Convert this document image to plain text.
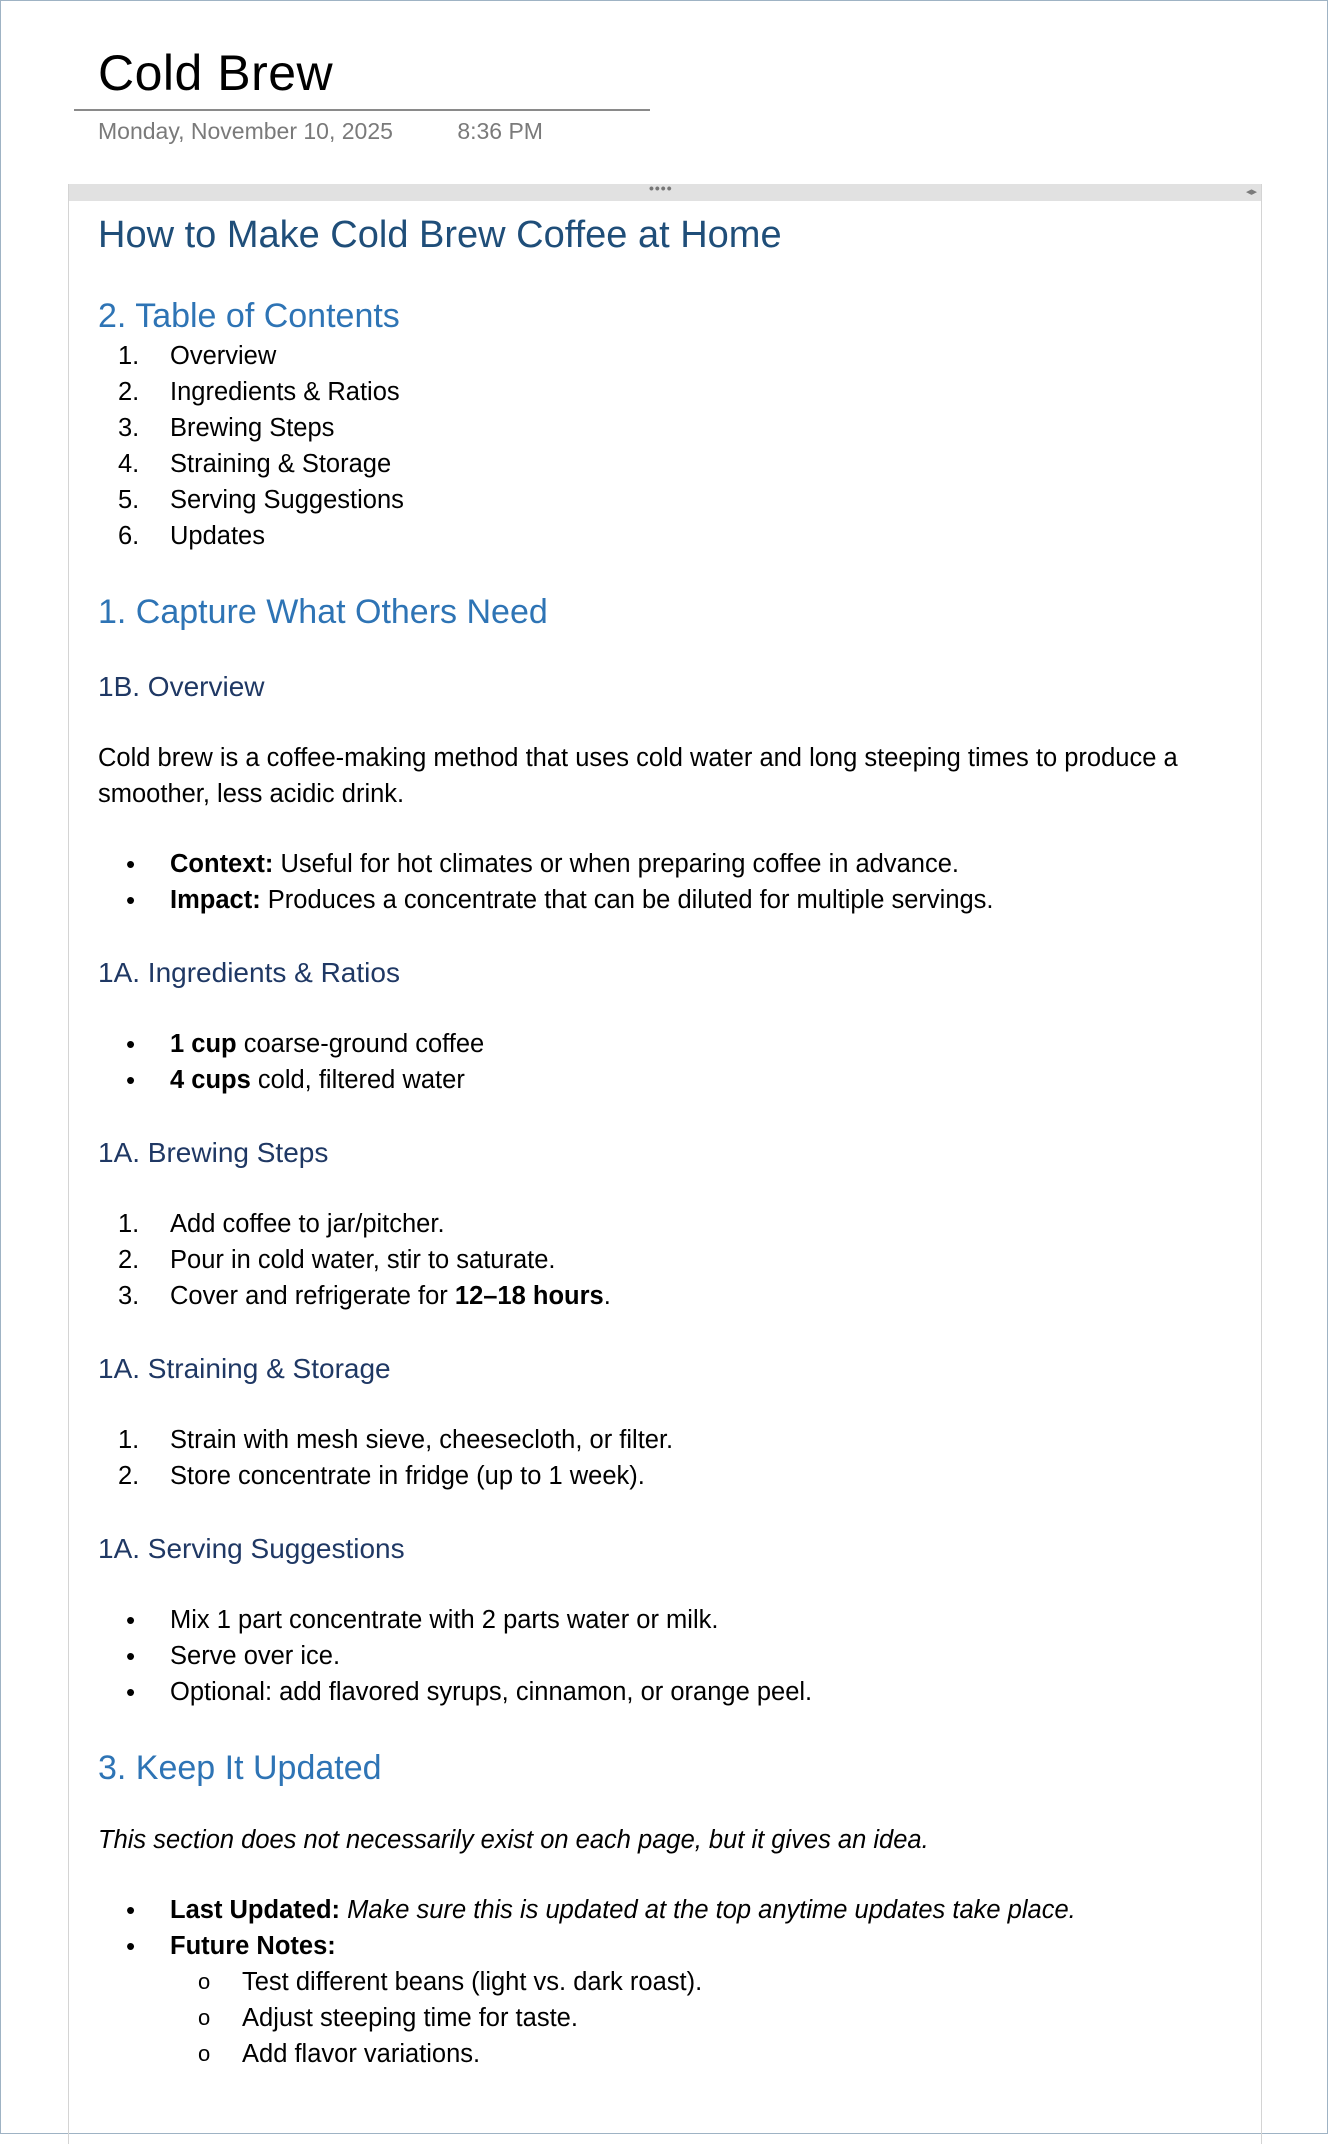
Cold Brew
Monday, November 10, 2025	8:36 PM
••••	◂▸
How to Make Cold Brew Coffee at Home
2. Table of Contents
1. Overview
2. Ingredients & Ratios
3. Brewing Steps
4. Straining & Storage
5. Serving Suggestions
6. Updates
1. Capture What Others Need
1B. Overview

Cold brew is a coffee-making method that uses cold water and long steeping times to produce a smoother, less acidic drink.

• Context: Useful for hot climates or when preparing coffee in advance.
• Impact: Produces a concentrate that can be diluted for multiple servings.
1A. Ingredients & Ratios
• 1 cup coarse-ground coffee
• 4 cups cold, filtered water
1A. Brewing Steps
1. Add coffee to jar/pitcher.
2. Pour in cold water, stir to saturate.
3. Cover and refrigerate for 12–18 hours.
1A. Straining & Storage
1. Strain with mesh sieve, cheesecloth, or filter.
2. Store concentrate in fridge (up to 1 week).
1A. Serving Suggestions
• Mix 1 part concentrate with 2 parts water or milk.
• Serve over ice.
• Optional: add flavored syrups, cinnamon, or orange peel.
3. Keep It Updated

This section does not necessarily exist on each page, but it gives an idea.

• Last Updated: Make sure this is updated at the top anytime updates take place.
• Future Notes:
o Test different beans (light vs. dark roast).
o Adjust steeping time for taste.
o Add flavor variations.
